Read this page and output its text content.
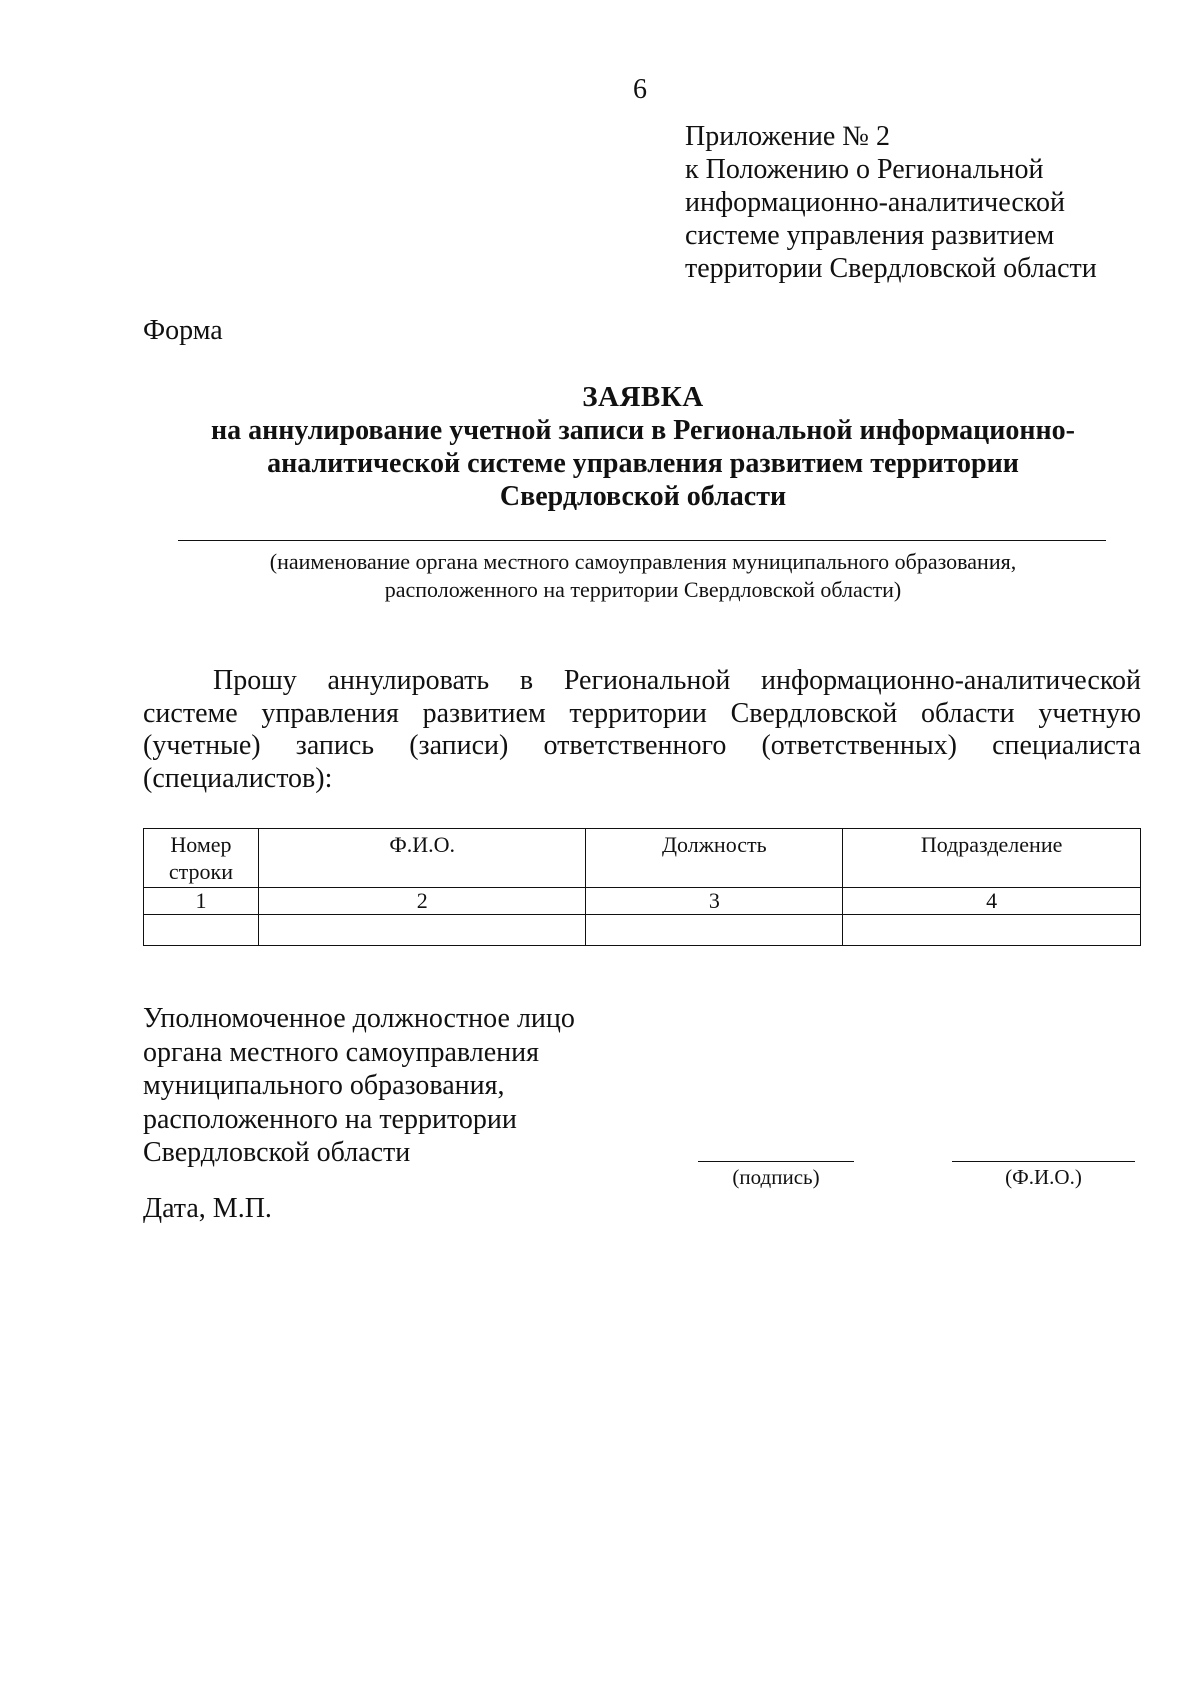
6
Приложение № 2
к Положению о Региональной
информационно-аналитической
системе управления развитием
территории Свердловской области
Форма
ЗАЯВКА
на аннулирование учетной записи в Региональной информационно-
аналитической системе управления развитием территории
Свердловской области
(наименование органа местного самоуправления муниципального образования,
расположенного на территории Свердловской области)
Прошу аннулировать в Региональной информационно-аналитической системе управления развитием территории Свердловской области учетную (учетные) запись (записи) ответственного (ответственных) специалиста (специалистов):
Номер строки	Ф.И.О.	Должность	Подразделение
1	2	3	4

Уполномоченное должностное лицо
органа местного самоуправления
муниципального образования,
расположенного на территории
Свердловской области
(подпись)	(Ф.И.О.)
Дата, М.П.
